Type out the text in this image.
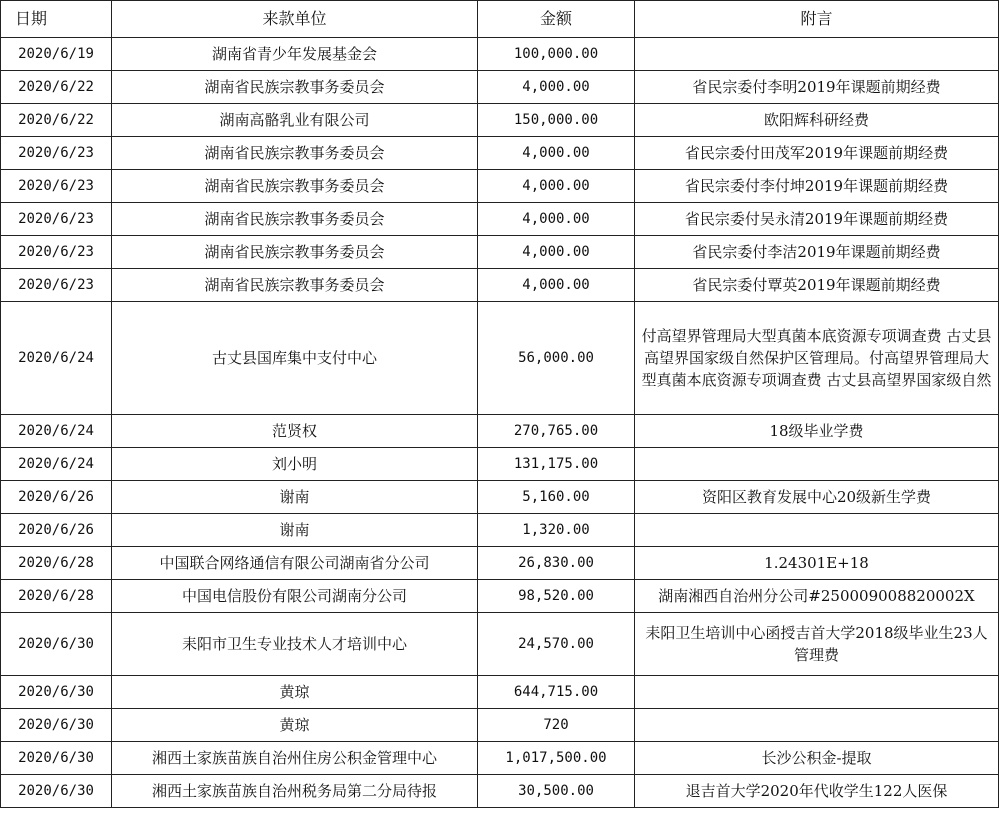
日期	来款单位	金额	附言
2020/6/19	湖南省青少年发展基金会	100,000.00	
2020/6/22	湖南省民族宗教事务委员会	4,000.00	省民宗委付李明2019年课题前期经费
2020/6/22	湖南高骼乳业有限公司	150,000.00	欧阳辉科研经费
2020/6/23	湖南省民族宗教事务委员会	4,000.00	省民宗委付田茂军2019年课题前期经费
2020/6/23	湖南省民族宗教事务委员会	4,000.00	省民宗委付李付坤2019年课题前期经费
2020/6/23	湖南省民族宗教事务委员会	4,000.00	省民宗委付吴永清2019年课题前期经费
2020/6/23	湖南省民族宗教事务委员会	4,000.00	省民宗委付李洁2019年课题前期经费
2020/6/23	湖南省民族宗教事务委员会	4,000.00	省民宗委付覃英2019年课题前期经费
2020/6/24	古丈县国库集中支付中心	56,000.00	付高望界管理局大型真菌本底资源专项调查费 古丈县高望界国家级自然保护区管理局。付高望界管理局大型真菌本底资源专项调查费 古丈县高望界国家级自然
2020/6/24	范贤权	270,765.00	18级毕业学费
2020/6/24	刘小明	131,175.00	
2020/6/26	谢南	5,160.00	资阳区教育发展中心20级新生学费
2020/6/26	谢南	1,320.00	
2020/6/28	中国联合网络通信有限公司湖南省分公司	26,830.00	1.24301E+18
2020/6/28	中国电信股份有限公司湖南分公司	98,520.00	湖南湘西自治州分公司#250009008820002X
2020/6/30	耒阳市卫生专业技术人才培训中心	24,570.00	耒阳卫生培训中心函授吉首大学2018级毕业生23人管理费
2020/6/30	黄琼	644,715.00	
2020/6/30	黄琼	720	
2020/6/30	湘西土家族苗族自治州住房公积金管理中心	1,017,500.00	长沙公积金-提取
2020/6/30	湘西土家族苗族自治州税务局第二分局待报	30,500.00	退吉首大学2020年代收学生122人医保
